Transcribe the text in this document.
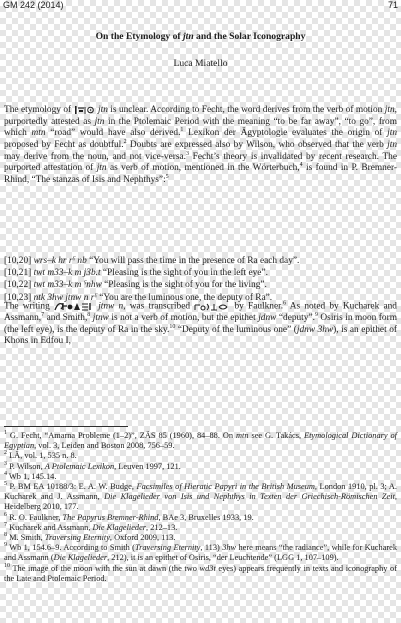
GM 242 (2014)	71
On the Etymology of jtn and the Solar Iconography
Luca Miatello
The etymology of  jtn is unclear. According to Fecht, the word derives from the verb of motion jtn, purportedly attested as jtn in the Ptolemaic Period with the meaning “to be far away”, “to go”, from which mtn “road” would have also derived.$^1$ Lexikon der Ägyptologie evaluates the origin of jtn proposed by Fecht as doubtful.$^2$ Doubts are expressed also by Wilson, who observed that the verb jtn may derive from the noun, and not vice-versa.$^3$ Fecht’s theory is invalidated by recent research. The purported attestation of jtn as verb of motion, mentioned in the Wörterbuch,$^4$ is found in P. Bremner-Rhind, “The stanzas of Isis and Nephthys”:$^5$
[10,20] wrs–k hr rˁ nb “You will pass the time in the presence of Ra each day”.
[10,21] twt m33–k m j3b.t “Pleasing is the sight of you in the left eye”.
[10,22] twt m33–k m ˁnhw “Pleasing is the sight of you for the living”.
[10,23] ntk 3hw jtnw n rˁ “You are the luminous one, the deputy of Ra”.
The writing	jtnw n, was transcribed	by Faulkner.$^6$ As noted by Kucharek and Assmann,$^7$ and Smith,$^8$ jtnw is not a verb of motion, but the epithet jdnw “deputy”.$^9$ Osiris in moon form (the left eye), is the deputy of Ra in the sky.$^{10}$ “Deputy of the luminous one” (jdnw 3hw), is an epithet of Khons in Edfou I,

$^1$ G. Fecht, “Amarna Probleme (1–2)”, ZÄS 85 (1960), 84–88. On mtn see G. Takács, Etymological Dictionary of Egyptian, vol. 3, Leiden and Boston 2008, 756–59.

$^2$ LÄ, vol. 1, 535 n. 8.

$^3$ P. Wilson, A Ptolemaic Lexikon, Leuven 1997, 121.

$^4$ Wb 1, 145.14.

$^5$ P. BM EA 10188/3: E. A. W. Budge, Facsimiles of Hieratic Papyri in the British Museum, London 1910, pl. 3; A. Kucharek and J. Assmann, Die Klagelieder von Isis und Nephthys in Texten der Griechisch-Römischen Zeit, Heidelberg 2010, 177.

$^6$ R. O. Faulkner, The Papyrus Bremner-Rhind, BAe 3, Bruxelles 1933, 19.

$^7$ Kucharek and Assmann, Die Klagelieder, 212–13.

$^8$ M. Smith, Traversing Eternity, Oxford 2009, 113.

$^9$ Wb 1, 154.6–9. According to Smith (Traversing Eternity, 113) 3hw here means “the radiance”, while for Kucharek and Assmann (Die Klagelieder, 212), it is an epithet of Osiris, “der Leuchtende” (LGG 1, 107–109).

$^{10}$ The image of the moon with the sun at dawn (the two wd3t eyes) appears frequently in texts and iconography of the Late and Ptolemaic Period.
